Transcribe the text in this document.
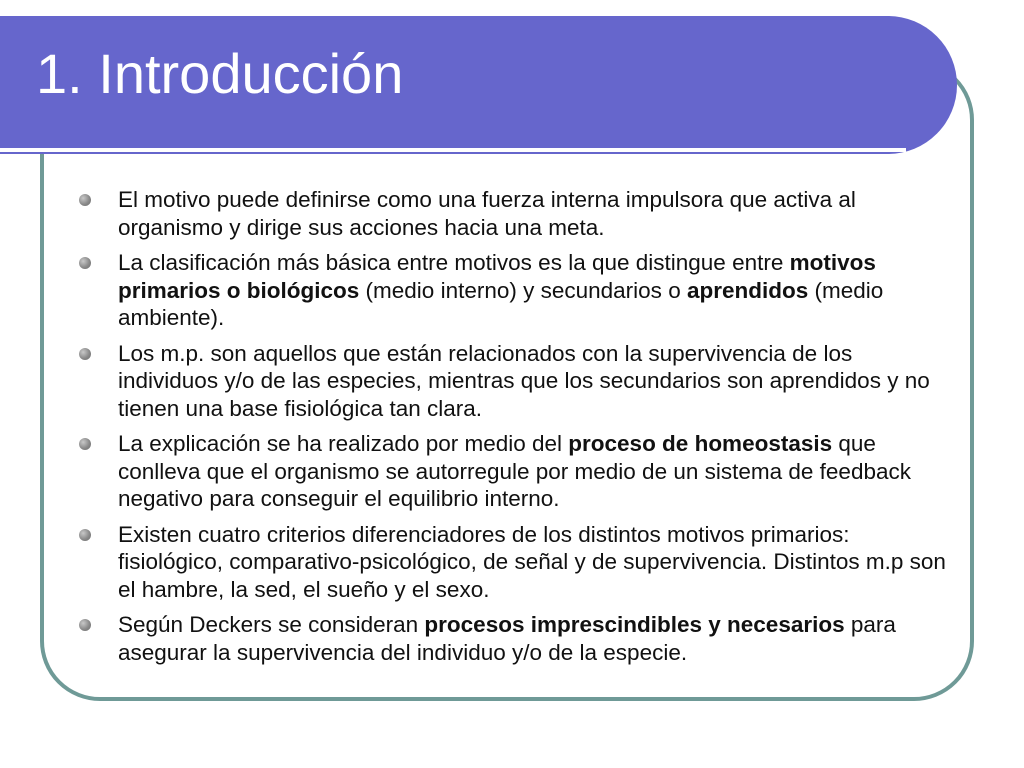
1. Introducción
El motivo puede definirse como una fuerza interna impulsora que activa al organismo y dirige sus acciones hacia una meta.
La clasificación más básica entre motivos es la que distingue entre motivos primarios o biológicos (medio interno) y secundarios o aprendidos (medio ambiente).
Los m.p. son aquellos que están relacionados con la supervivencia de los individuos y/o de las especies, mientras que los secundarios son aprendidos y no tienen una base fisiológica tan clara.
La explicación se ha realizado por medio del proceso de homeostasis que conlleva que el organismo se autorregule por medio de un sistema de feedback negativo para conseguir el equilibrio interno.
Existen cuatro criterios diferenciadores de los distintos motivos primarios: fisiológico, comparativo-psicológico, de señal y de supervivencia. Distintos m.p son el hambre, la sed, el sueño y el sexo.
Según Deckers se consideran procesos imprescindibles y necesarios para asegurar la supervivencia del individuo y/o de la especie.
